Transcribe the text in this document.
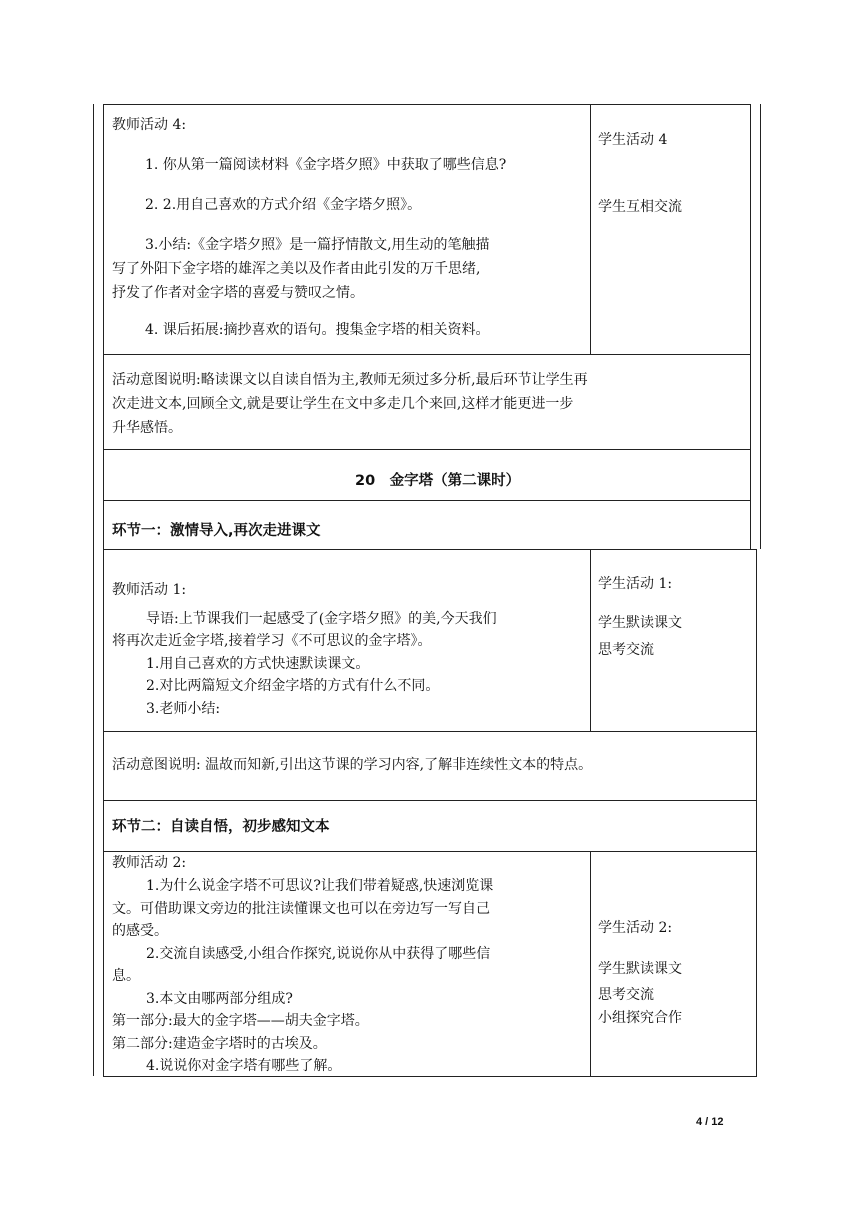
教师活动 4:
1. 你从第一篇阅读材料《金字塔夕照》中获取了哪些信息?
2. 2.用自己喜欢的方式介绍《金字塔夕照》。
3.小结:《金字塔夕照》是一篇抒情散文,用生动的笔触描
写了外阳下金字塔的雄浑之美以及作者由此引发的万千思绪,
抒发了作者对金字塔的喜爱与赞叹之情。
4. 课后拓展:摘抄喜欢的语句。搜集金字塔的相关资料。
学生活动 4
学生互相交流
活动意图说明:略读课文以自读自悟为主,教师无须过多分析,最后环节让学生再
次走进文本,回顾全文,就是要让学生在文中多走几个来回,这样才能更进一步
升华感悟。
20　金字塔（第二课时）
环节一：激情导入,再次走进课文
教师活动 1:
导语:上节课我们一起感受了(金字塔夕照》的美,今天我们
将再次走近金字塔,接着学习《不可思议的金字塔》。
1.用自己喜欢的方式快速默读课文。
2.对比两篇短文介绍金字塔的方式有什么不同。
3.老师小结:
学生活动 1:
学生默读课文
思考交流
活动意图说明: 温故而知新,引出这节课的学习内容,了解非连续性文本的特点。
环节二：自读自悟，初步感知文本
教师活动 2:
1.为什么说金字塔不可思议?让我们带着疑惑,快速浏览课
文。可借助课文旁边的批注读懂课文也可以在旁边写一写自己
的感受。
2.交流自读感受,小组合作探究,说说你从中获得了哪些信
息。
3.本文由哪两部分组成?
第一部分:最大的金字塔——胡夫金字塔。
第二部分:建造金字塔时的古埃及。
4.说说你对金字塔有哪些了解。
学生活动 2:
学生默读课文
思考交流
小组探究合作
4 / 12
